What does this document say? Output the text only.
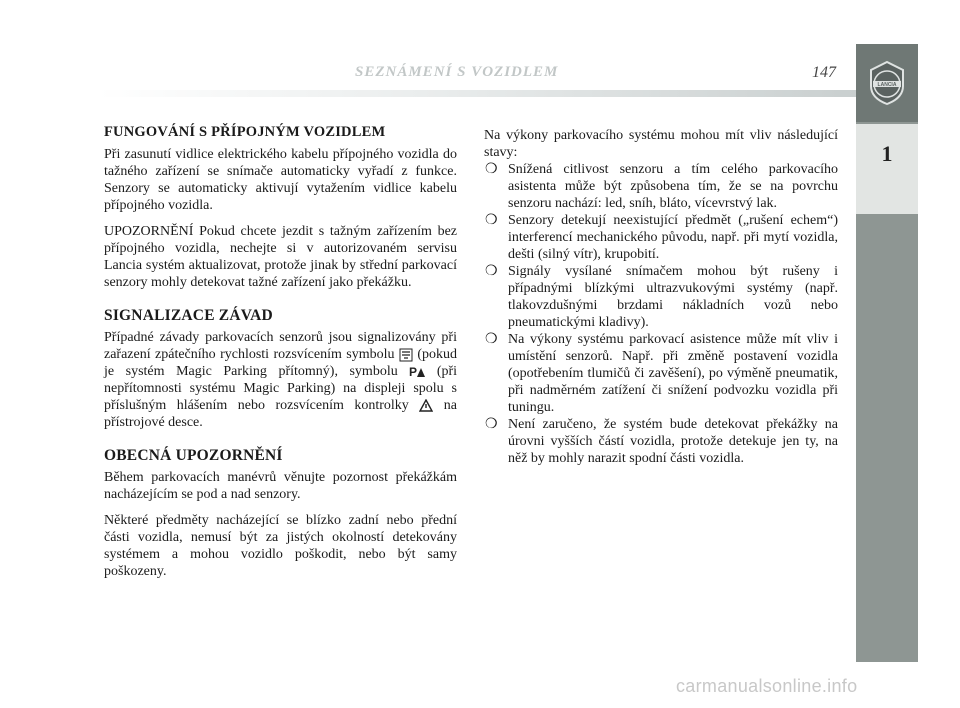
SEZNÁMENÍ S VOZIDLEM	147
LANCIA
1
FUNGOVÁNÍ S PŘÍPOJNÝM VOZIDLEM

Při zasunutí vidlice elektrického kabelu přípojného vozidla do tažného zařízení se snímače automaticky vyřadí z funkce. Senzory se automaticky aktivují vytažením vidlice kabelu přípojného vozidla.

UPOZORNĚNÍ Pokud chcete jezdit s tažným zařízením bez přípojného vozidla, nechejte si v autorizovaném servisu Lancia systém aktualizovat, protože jinak by střední parkovací senzory mohly detekovat tažné zařízení jako překážku.

SIGNALIZACE ZÁVAD

Případné závady parkovacích senzorů jsou signalizovány při zařazení zpátečního rychlosti rozsvícením symbolu (pokud je systém Magic Parking přítomný), symbolu P (při nepřítomnosti systému Magic Parking) na displeji spolu s příslušným hlášením nebo rozsvícením kontrolky	na přístrojové desce.

OBECNÁ UPOZORNĚNÍ

Během parkovacích manévrů věnujte pozornost překážkám nacházejícím se pod a nad senzory.

Některé předměty nacházející se blízko zadní nebo přední části vozidla, nemusí být za jistých okolností detekovány systémem a mohou vozidlo poškodit, nebo být samy poškozeny.

Na výkony parkovacího systému mohou mít vliv následující stavy:

❍ Snížená citlivost senzoru a tím celého parkovacího asistenta může být způsobena tím, že se na povrchu senzoru nachází: led, sníh, bláto, vícevrstvý lak.
❍ Senzory detekují neexistující předmět („rušení echem“) interferencí mechanického původu, např. při mytí vozidla, dešti (silný vítr), krupobití.
❍ Signály vysílané snímačem mohou být rušeny i případnými blízkými ultrazvukovými systémy (např. tlakovzdušnými brzdami nákladních vozů nebo pneumatickými kladivy).
❍ Na výkony systému parkovací asistence může mít vliv i umístění senzorů. Např. při změně postavení vozidla (opotřebením tlumičů či zavěšení), po výměně pneumatik, při nadměrném zatížení či snížení podvozku vozidla při tuningu.
❍ Není zaručeno, že systém bude detekovat překážky na úrovni vyšších částí vozidla, protože detekuje jen ty, na něž by mohly narazit spodní části vozidla.
carmanualsonline.info
